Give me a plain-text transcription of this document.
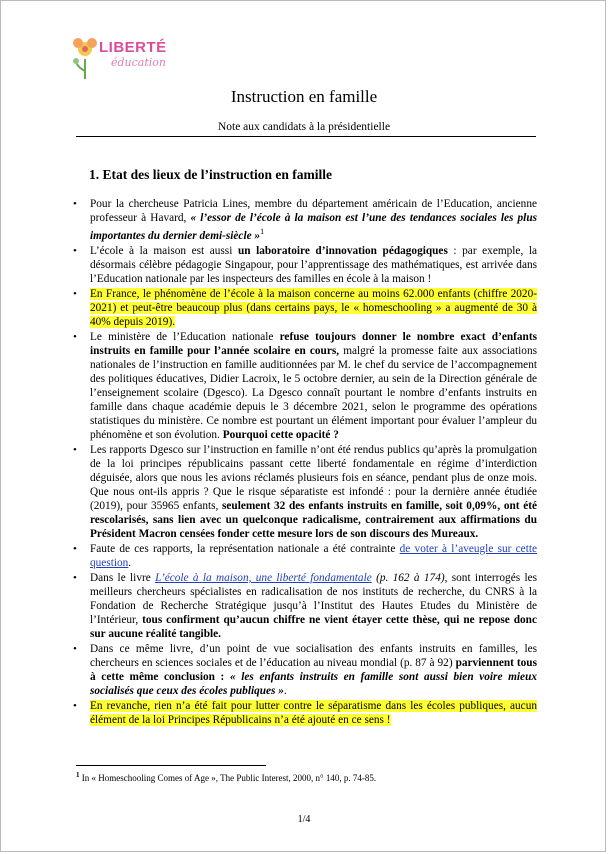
LIBERTÉ
éducation
Instruction en famille
Note aux candidats à la présidentielle
1. Etat des lieux de l’instruction en famille
• Pour la chercheuse Patricia Lines, membre du département américain de l’Education, ancienne professeur à Havard, « l’essor de l’école à la maison est l’une des tendances sociales les plus importantes du dernier demi-siècle »$^1$
• L’école à la maison est aussi un laboratoire d’innovation pédagogiques : par exemple, la désormais célèbre pédagogie Singapour, pour l’apprentissage des mathématiques, est arrivée dans l’Education nationale par les inspecteurs des familles en école à la maison !
• En France, le phénomène de l’école à la maison concerne au moins 62.000 enfants (chiffre 2020-2021) et peut-être beaucoup plus (dans certains pays, le « homeschooling » a augmenté de 30 à 40% depuis 2019).
• Le ministère de l’Education nationale refuse toujours donner le nombre exact d’enfants instruits en famille pour l’année scolaire en cours, malgré la promesse faite aux associations nationales de l’instruction en famille auditionnées par M. le chef du service de l’accompagnement des politiques éducatives, Didier Lacroix, le 5 octobre dernier, au sein de la Direction générale de l’enseignement scolaire (Dgesco). La Dgesco connaît pourtant le nombre d’enfants instruits en famille dans chaque académie depuis le 3 décembre 2021, selon le programme des opérations statistiques du ministère. Ce nombre est pourtant un élément important pour évaluer l’ampleur du phénomène et son évolution. Pourquoi cette opacité ?
• Les rapports Dgesco sur l’instruction en famille n’ont été rendus publics qu’après la promulgation de la loi principes républicains passant cette liberté fondamentale en régime d’interdiction déguisée, alors que nous les avions réclamés plusieurs fois en séance, pendant plus de onze mois. Que nous ont-ils appris ? Que le risque séparatiste est infondé : pour la dernière année étudiée (2019), pour 35965 enfants, seulement 32 des enfants instruits en famille, soit 0,09%, ont été rescolarisés, sans lien avec un quelconque radicalisme, contrairement aux affirmations du Président Macron censées fonder cette mesure lors de son discours des Mureaux.
• Faute de ces rapports, la représentation nationale a été contrainte de voter à l’aveugle sur cette question.
• Dans le livre L’école à la maison, une liberté fondamentale (p. 162 à 174), sont interrogés les meilleurs chercheurs spécialistes en radicalisation de nos instituts de recherche, du CNRS à la Fondation de Recherche Stratégique jusqu’à l’Institut des Hautes Etudes du Ministère de l’Intérieur, tous confirment qu’aucun chiffre ne vient étayer cette thèse, qui ne repose donc sur aucune réalité tangible.
• Dans ce même livre, d’un point de vue socialisation des enfants instruits en familles, les chercheurs en sciences sociales et de l’éducation au niveau mondial (p. 87 à 92) parviennent tous à cette même conclusion : « les enfants instruits en famille sont aussi bien voire mieux socialisés que ceux des écoles publiques ».
• En revanche, rien n’a été fait pour lutter contre le séparatisme dans les écoles publiques, aucun élément de la loi Principes Républicains n’a été ajouté en ce sens !
$^1$ In « Homeschooling Comes of Age », The Public Interest, 2000, n° 140, p. 74-85.
1/4
